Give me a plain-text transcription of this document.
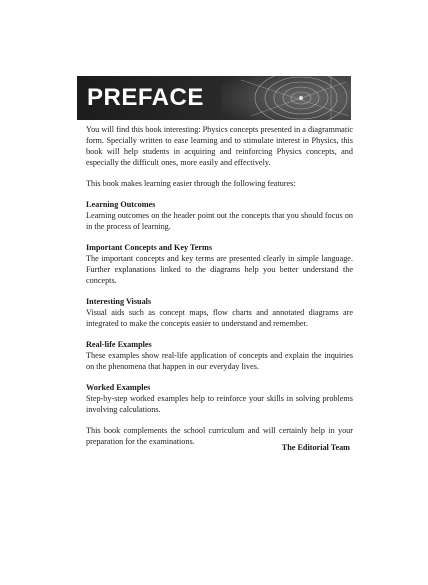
PREFACE

You will find this book interesting: Physics concepts presented in a diagrammatic form. Specially written to ease learning and to stimulate interest in Physics, this book will help students in acquiring and reinforcing Physics concepts, and especially the difficult ones, more easily and effectively.

This book makes learning easier through the following features:

Learning Outcomes

Learning outcomes on the header point out the concepts that you should focus on in the process of learning.

Important Concepts and Key Terms

The important concepts and key terms are presented clearly in simple language. Further explanations linked to the diagrams help you better understand the concepts.

Interesting Visuals

Visual aids such as concept maps, flow charts and annotated diagrams are integrated to make the concepts easier to understand and remember.

Real-life Examples

These examples show real-life application of concepts and explain the inquiries on the phenomena that happen in our everyday lives.

Worked Examples

Step-by-step worked examples help to reinforce your skills in solving problems involving calculations.

This book complements the school curriculum and will certainly help in your preparation for the examinations.

The Editorial Team
